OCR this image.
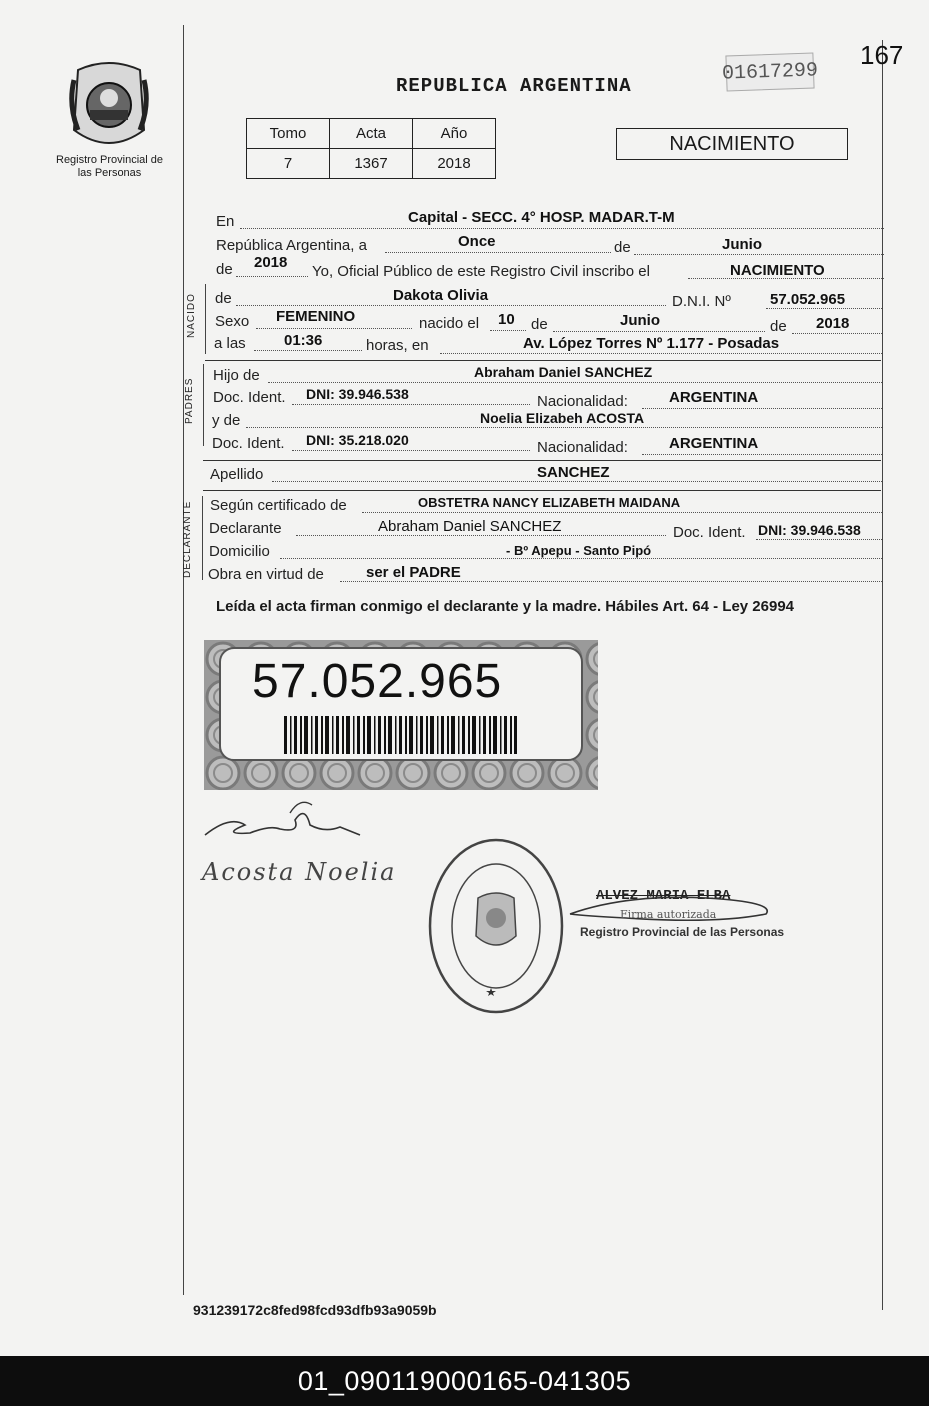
Registro Provincial de las Personas
REPUBLICA ARGENTINA
01617299
167
Tomo	Acta	Año
7	1367	2018
NACIMIENTO
En	Capital - SECC. 4° HOSP. MADAR.T-M
República Argentina, a	Once	de	Junio
de 2018
Yo, Oficial Público de este Registro Civil inscribo el	NACIMIENTO
NACIDO de	Dakota Olivia	D.N.I. Nº	57.052.965
Sexo FEMENINO	nacido el 10 de	Junio	de 2018
a las	01:36	horas, en	Av. López Torres Nº 1.177 - Posadas
PADRES
Hijo de	Abraham Daniel SANCHEZ
Doc. Ident. DNI: 39.946.538	Nacionalidad:	ARGENTINA
y de	Noelia Elizabeh ACOSTA
Doc. Ident. DNI: 35.218.020	Nacionalidad:	ARGENTINA
Apellido	SANCHEZ
DECLARANTE Según certificado de	OBSTETRA NANCY ELIZABETH MAIDANA
Declarante	Abraham Daniel SANCHEZ	Doc. Ident. DNI: 39.946.538
Domicilio	- Bº Apepu - Santo Pipó
Obra en virtud de	ser el PADRE
Leída el acta firman conmigo el declarante y la madre. Hábiles Art. 64 - Ley 26994
57.052.965
Acosta Noelia
ALVEZ MARIA ELBA
Firma autorizada
Registro Provincial de las Personas
931239172c8fed98fcd93dfb93a9059b
01_090119000165-041305
